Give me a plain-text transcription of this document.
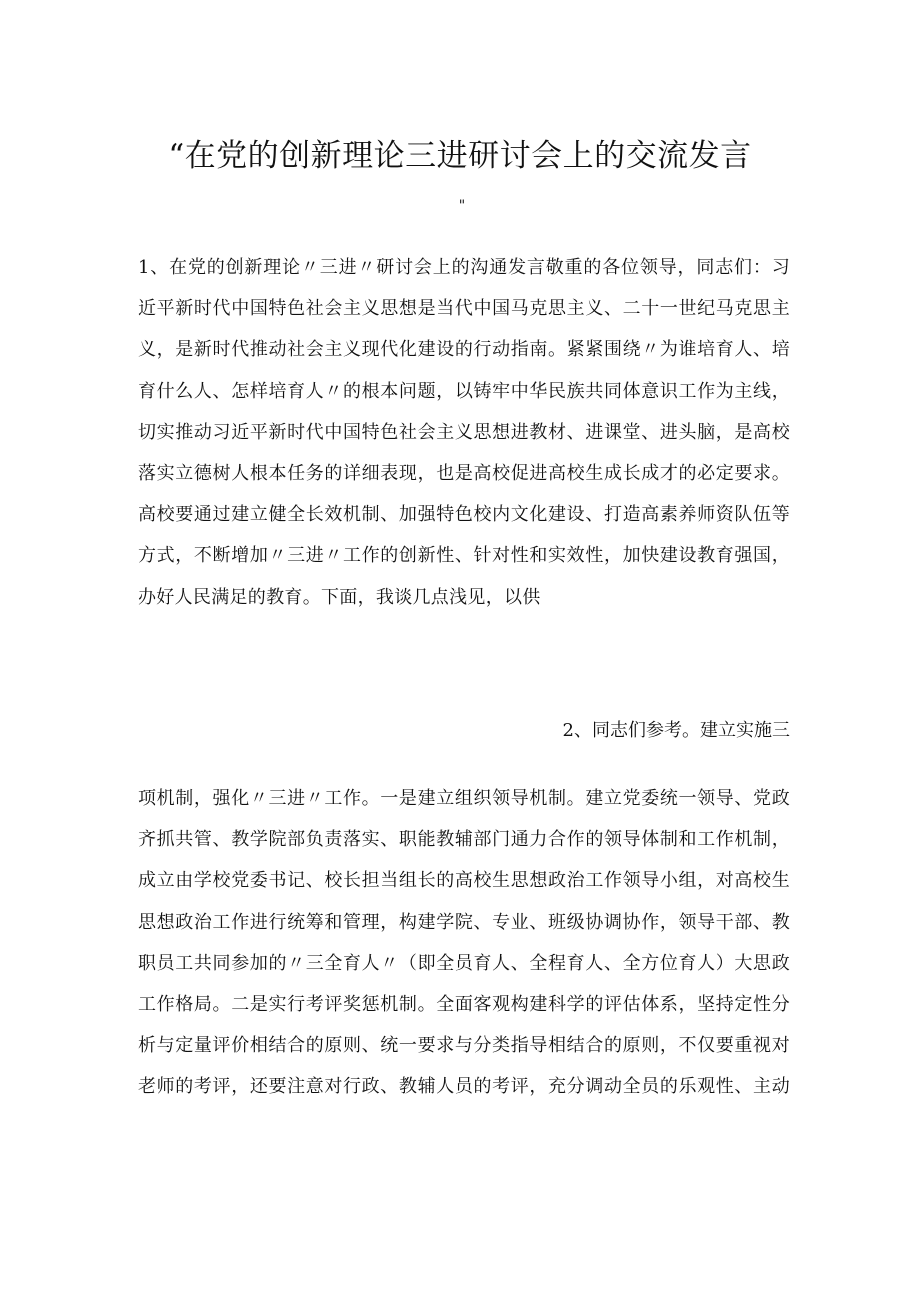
“在党的创新理论三进研讨会上的交流发言
"
1、在党的创新理论〃三进〃研讨会上的沟通发言敬重的各位领导，同志们：习
近平新时代中国特色社会主义思想是当代中国马克思主义、二十一世纪马克思主
义，是新时代推动社会主义现代化建设的行动指南。紧紧围绕〃为谁培育人、培
育什么人、怎样培育人〃的根本问题，以铸牢中华民族共同体意识工作为主线，
切实推动习近平新时代中国特色社会主义思想进教材、进课堂、进头脑，是高校
落实立德树人根本任务的详细表现，也是高校促进高校生成长成才的必定要求。
高校要通过建立健全长效机制、加强特色校内文化建设、打造高素养师资队伍等
方式，不断增加〃三进〃工作的创新性、针对性和实效性，加快建设教育强国，
办好人民满足的教育。下面，我谈几点浅见，以供
2、同志们参考。建立实施三
项机制，强化〃三进〃工作。一是建立组织领导机制。建立党委统一领导、党政
齐抓共管、教学院部负责落实、职能教辅部门通力合作的领导体制和工作机制，
成立由学校党委书记、校长担当组长的高校生思想政治工作领导小组，对高校生
思想政治工作进行统筹和管理，构建学院、专业、班级协调协作，领导干部、教
职员工共同参加的〃三全育人〃（即全员育人、全程育人、全方位育人）大思政
工作格局。二是实行考评奖惩机制。全面客观构建科学的评估体系，坚持定性分
析与定量评价相结合的原则、统一要求与分类指导相结合的原则，不仅要重视对
老师的考评，还要注意对行政、教辅人员的考评，充分调动全员的乐观性、主动
